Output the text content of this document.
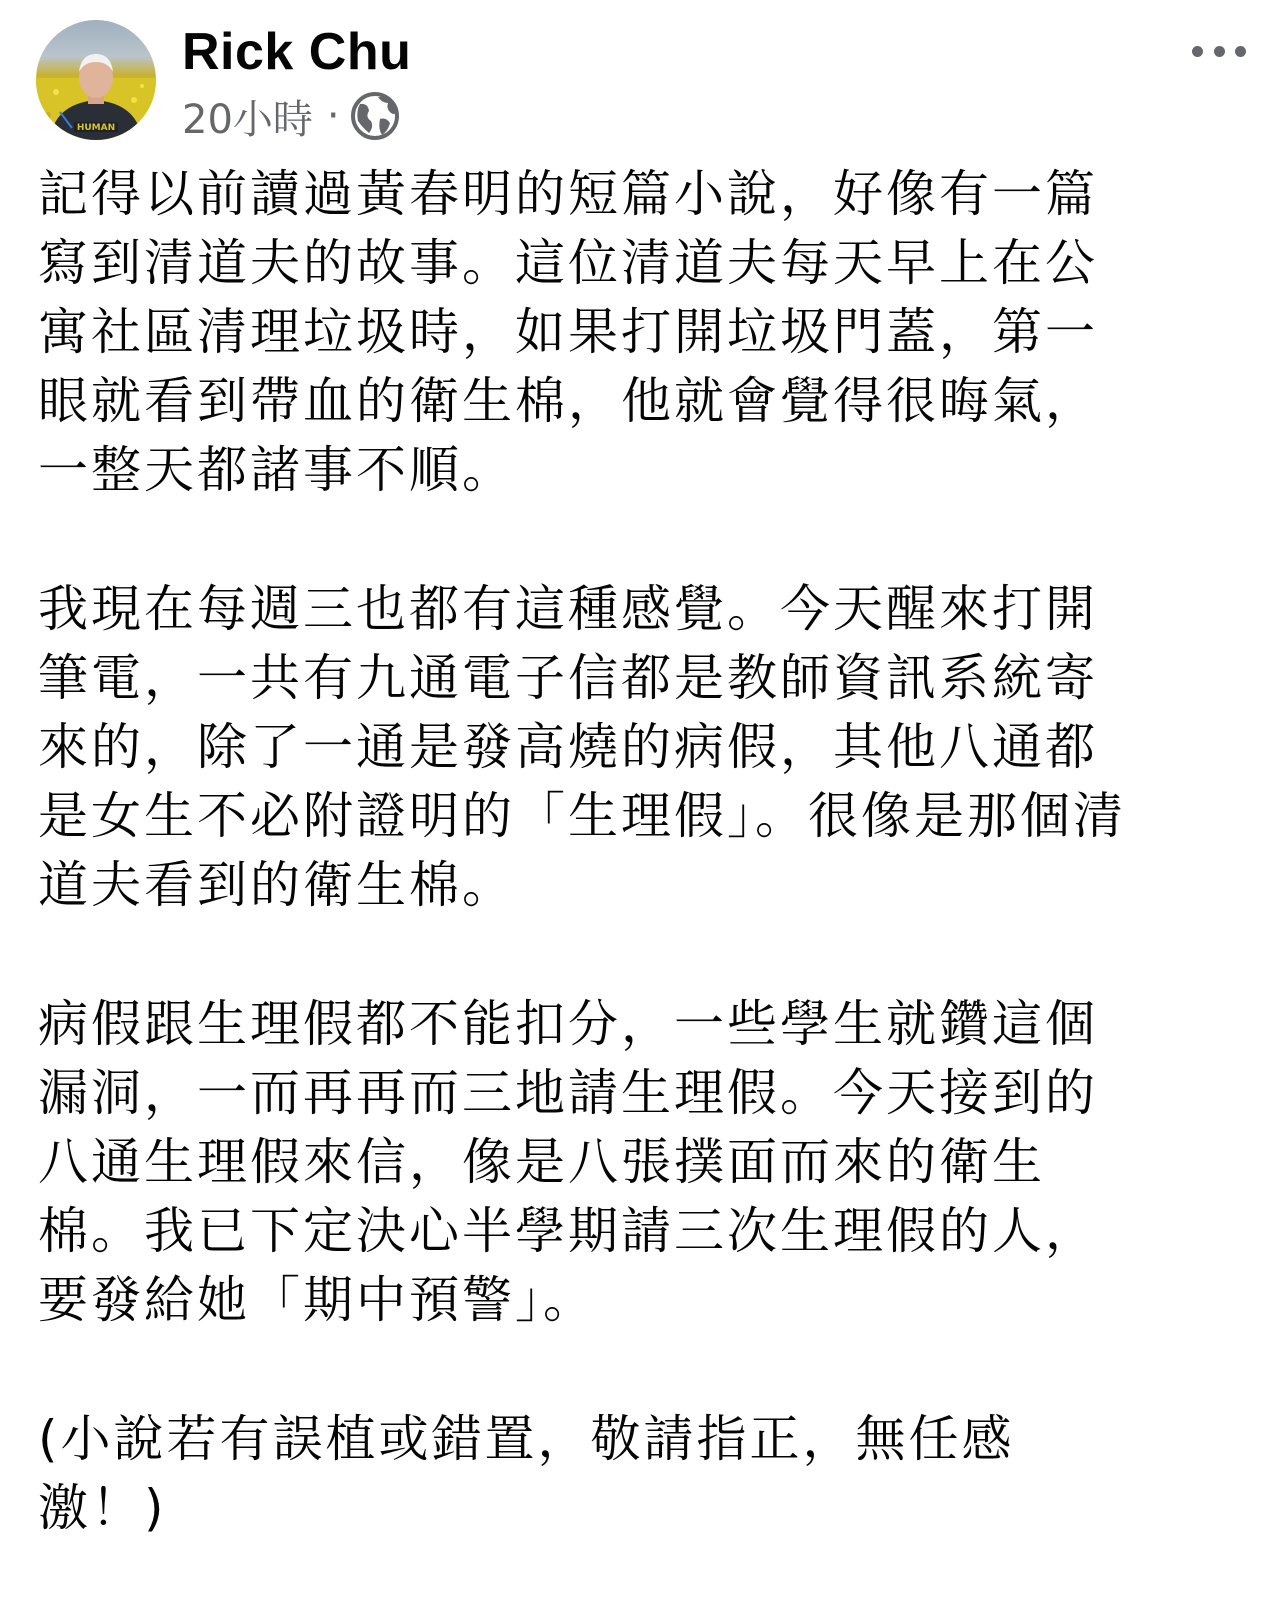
HUMAN
Rick Chu
20小時 ·

記得以前讀過黃春明的短篇小說，好像有一篇

寫到清道夫的故事。這位清道夫每天早上在公

寓社區清理垃圾時，如果打開垃圾門蓋，第一

眼就看到帶血的衛生棉，他就會覺得很晦氣，

一整天都諸事不順。

我現在每週三也都有這種感覺。今天醒來打開

筆電，一共有九通電子信都是教師資訊系統寄

來的，除了一通是發高燒的病假，其他八通都

是女生不必附證明的「生理假」。很像是那個清

道夫看到的衛生棉。

病假跟生理假都不能扣分，一些學生就鑽這個

漏洞，一而再再而三地請生理假。今天接到的

八通生理假來信，像是八張撲面而來的衛生

棉。我已下定決心半學期請三次生理假的人，

要發給她「期中預警」。

(小說若有誤植或錯置，敬請指正，無任感

激！)
